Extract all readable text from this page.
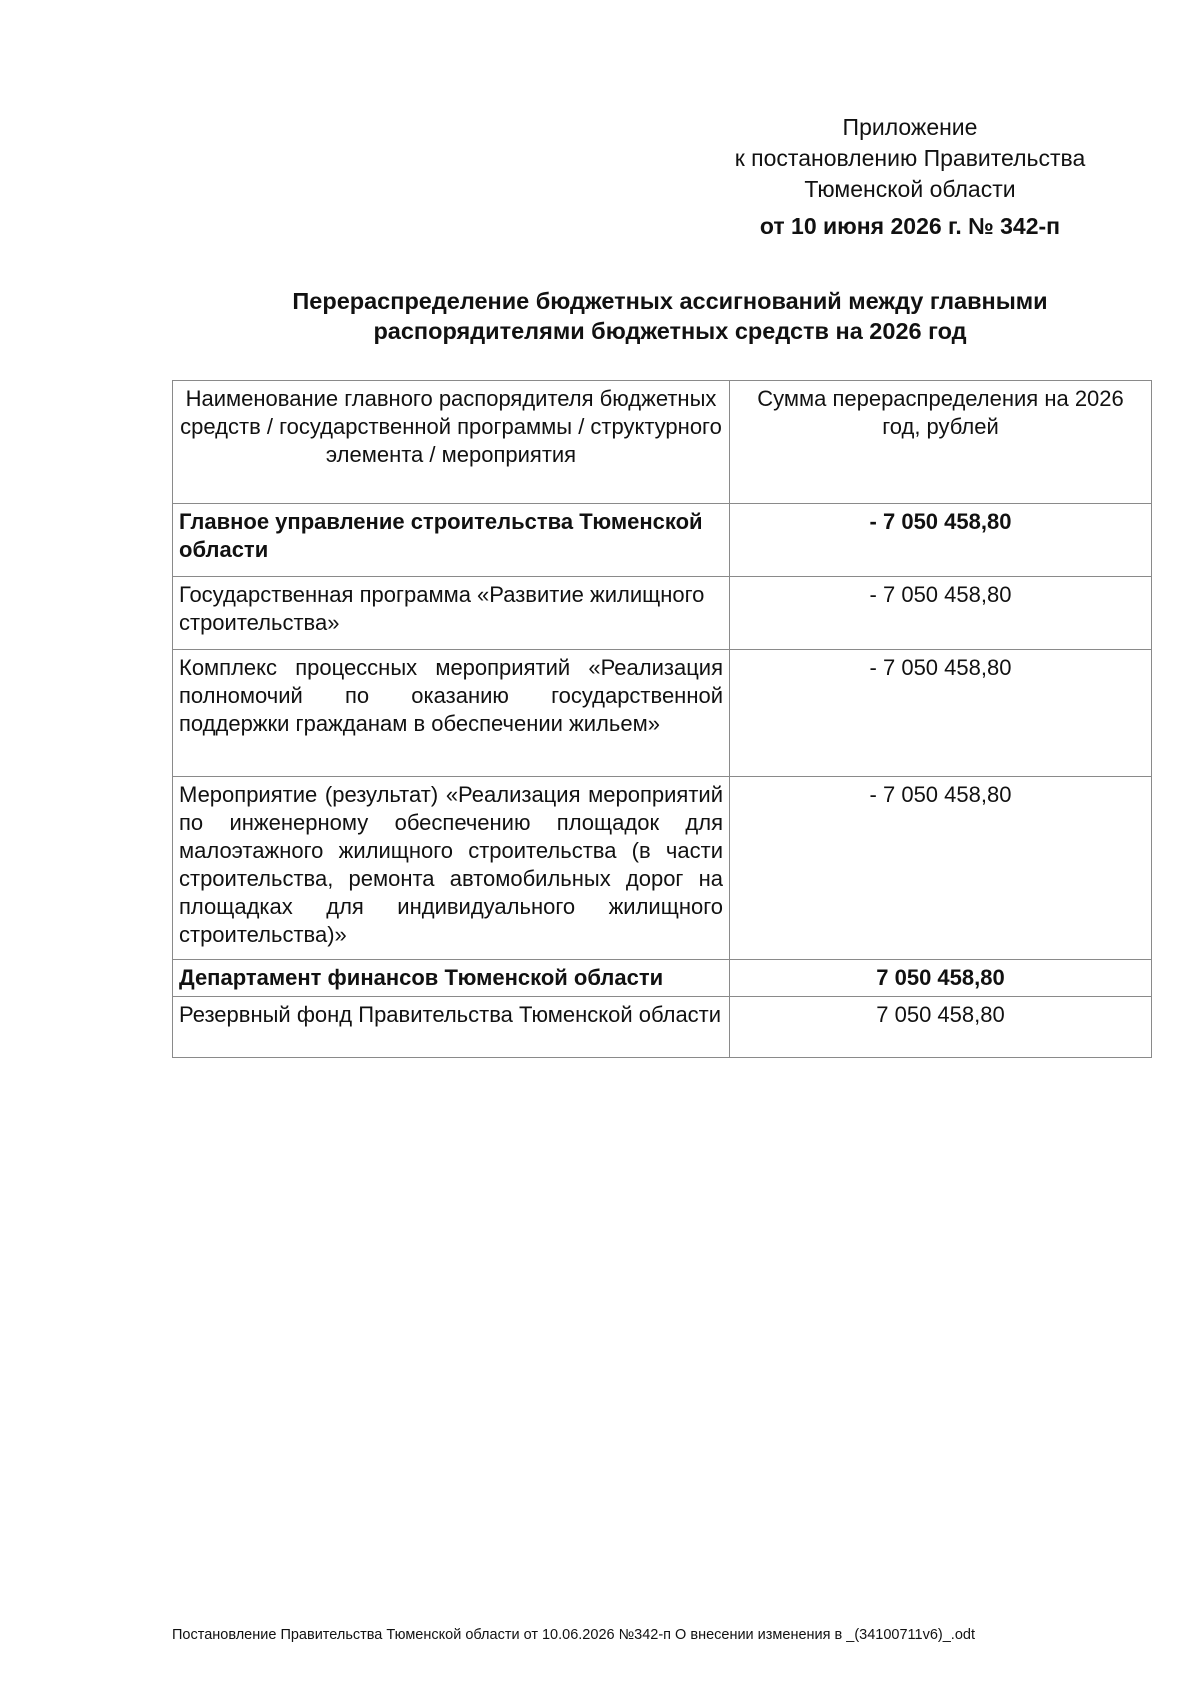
Приложение
к постановлению Правительства
Тюменской области
от 10 июня 2026 г. № 342-п
Перераспределение бюджетных ассигнований между главными
распорядителями бюджетных средств на 2026 год
Наименование главного распорядителя бюджетных средств / государственной программы / структурного элемента / мероприятия	Сумма перераспределения на 2026 год, рублей
Главное управление строительства Тюменской области	- 7 050 458,80
Государственная программа «Развитие жилищного строительства»	- 7 050 458,80
Комплекс процессных мероприятий «Реализация полномочий по оказанию государственной поддержки гражданам в обеспечении жильем»	- 7 050 458,80
Мероприятие (результат) «Реализация мероприятий по инженерному обеспечению площадок для малоэтажного жилищного строительства (в части строительства, ремонта автомобильных дорог на площадках для индивидуального жилищного строительства)»	- 7 050 458,80
Департамент финансов Тюменской области	7 050 458,80
Резервный фонд Правительства Тюменской области	7 050 458,80
Постановление Правительства Тюменской области от 10.06.2026 №342-п О внесении изменения в _(34100711v6)_.odt
